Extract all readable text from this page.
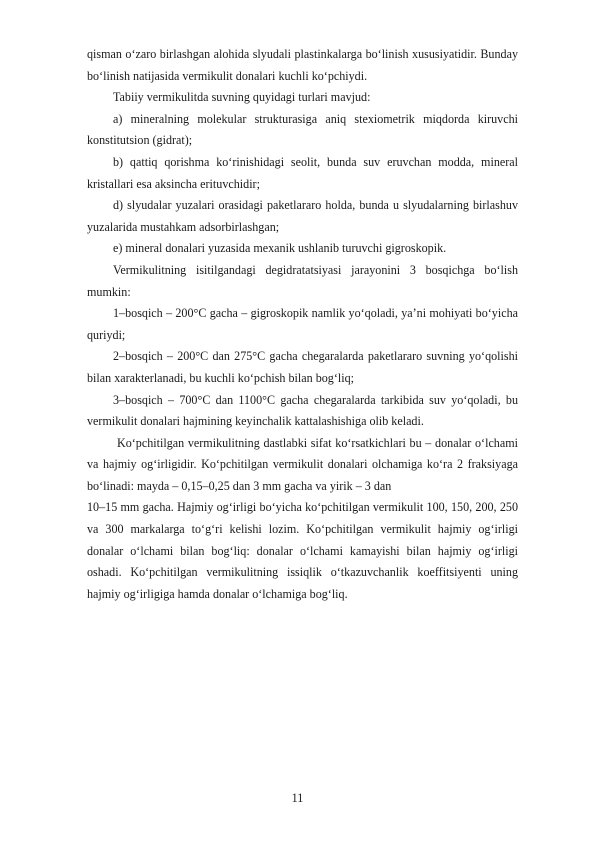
qisman oʻzaro birlashgan alohida slyudali plastinkalarga boʻlinish xususiyatidir. Bunday boʻlinish natijasida vermikulit donalari kuchli koʻpchiydi.

Tabiiy vermikulitda suvning quyidagi turlari mavjud:

a) mineralning molekular strukturasiga aniq stexiometrik miqdorda kiruvchi konstitutsion (gidrat);

b) qattiq qorishma koʻrinishidagi seolit, bunda suv eruvchan modda, mineral kristallari esa aksincha erituvchidir;

d) slyudalar yuzalari orasidagi paketlararo holda, bunda u slyudalarning birlashuv yuzalarida mustahkam adsorbirlashgan;

e) mineral donalari yuzasida mexanik ushlanib turuvchi gigroskopik.

Vermikulitning isitilgandagi degidratatsiyasi jarayonini 3 bosqichga boʻlish mumkin:

1–bosqich – 200°C gacha – gigroskopik namlik yoʻqoladi, ya’ni mohiyati boʻyicha quriydi;

2–bosqich – 200°C dan 275°C gacha chegaralarda paketlararo suvning yoʻqolishi bilan xarakterlanadi, bu kuchli koʻpchish bilan bogʻliq;

3–bosqich – 700°C dan 1100°C gacha chegaralarda tarkibida suv yoʻqoladi, bu vermikulit donalari hajmining keyinchalik kattalashishiga olib keladi.

Koʻpchitilgan vermikulitning dastlabki sifat koʻrsatkichlari bu – donalar oʻlchami va hajmiy ogʻirligidir. Koʻpchitilgan vermikulit donalari olchamiga koʻra 2 fraksiyaga boʻlinadi: mayda – 0,15–0,25 dan 3 mm gacha va yirik – 3 dan

10–15 mm gacha. Hajmiy ogʻirligi boʻyicha koʻpchitilgan vermikulit 100, 150, 200, 250 va 300 markalarga toʻgʻri kelishi lozim. Koʻpchitilgan vermikulit hajmiy ogʻirligi donalar oʻlchami bilan bogʻliq: donalar oʻlchami kamayishi bilan hajmiy ogʻirligi oshadi. Koʻpchitilgan vermikulitning issiqlik oʻtkazuvchanlik koeffitsiyenti uning hajmiy ogʻirligiga hamda donalar oʻlchamiga bogʻliq.

11
